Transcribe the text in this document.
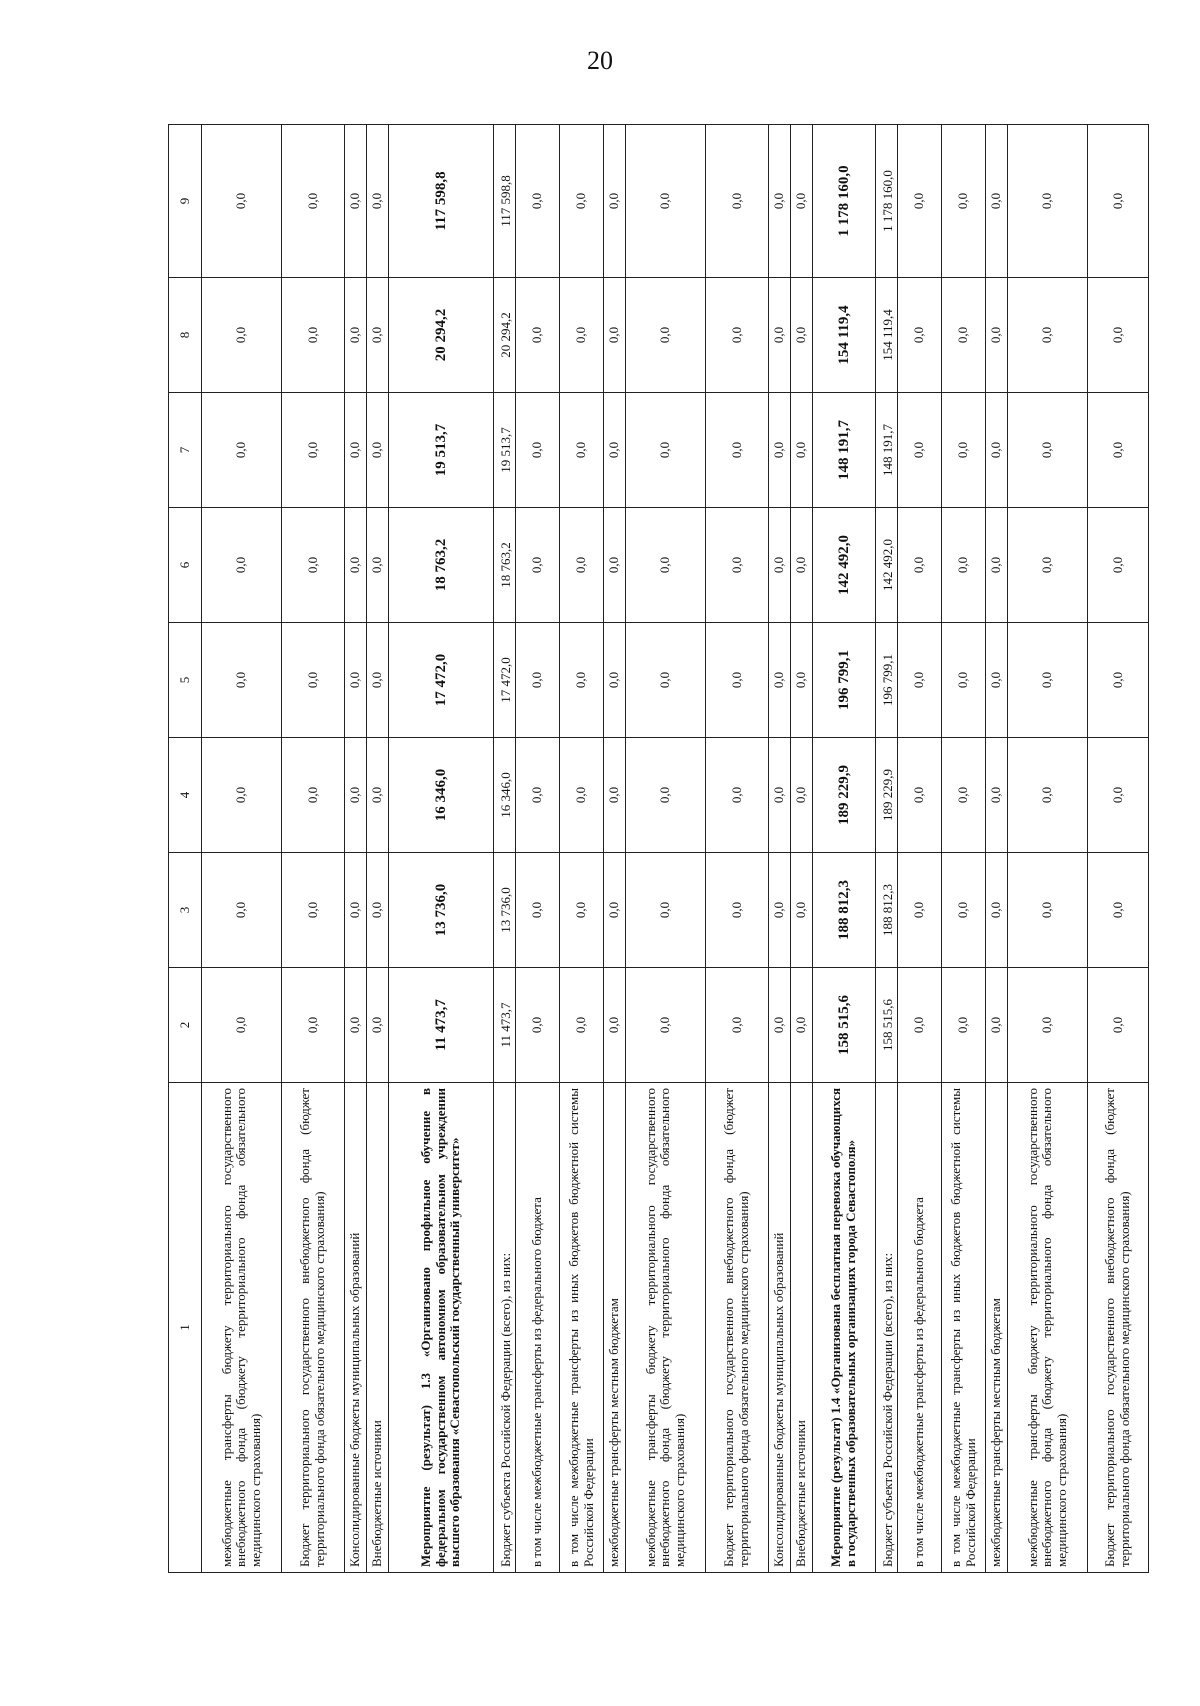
20
1	2	3	4	5	6	7	8	9
межбюджетные трансферты бюджету территориального государственного внебюджетного фонда (бюджету территориального фонда обязательного медицинского страхования)	0,0	0,0	0,0	0,0	0,0	0,0	0,0	0,0
Бюджет территориального государственного внебюджетного фонда (бюджет территориального фонда обязательного медицинского страхования)	0,0	0,0	0,0	0,0	0,0	0,0	0,0	0,0
Консолидированные бюджеты муниципальных образований	0,0	0,0	0,0	0,0	0,0	0,0	0,0	0,0
Внебюджетные источники	0,0	0,0	0,0	0,0	0,0	0,0	0,0	0,0
Мероприятие (результат) 1.3 «Организовано профильное обучение в федеральном государственном автономном образовательном учреждении высшего образования «Севастопольский государственный университет»	11 473,7	13 736,0	16 346,0	17 472,0	18 763,2	19 513,7	20 294,2	117 598,8
Бюджет субъекта Российской Федерации (всего), из них:	11 473,7	13 736,0	16 346,0	17 472,0	18 763,2	19 513,7	20 294,2	117 598,8
в том числе межбюджетные трансферты из федерального бюджета	0,0	0,0	0,0	0,0	0,0	0,0	0,0	0,0
в том числе межбюджетные трансферты из иных бюджетов бюджетной системы Российской Федерации	0,0	0,0	0,0	0,0	0,0	0,0	0,0	0,0
межбюджетные трансферты местным бюджетам	0,0	0,0	0,0	0,0	0,0	0,0	0,0	0,0
межбюджетные трансферты бюджету территориального государственного внебюджетного фонда (бюджету территориального фонда обязательного медицинского страхования)	0,0	0,0	0,0	0,0	0,0	0,0	0,0	0,0
Бюджет территориального государственного внебюджетного фонда (бюджет территориального фонда обязательного медицинского страхования)	0,0	0,0	0,0	0,0	0,0	0,0	0,0	0,0
Консолидированные бюджеты муниципальных образований	0,0	0,0	0,0	0,0	0,0	0,0	0,0	0,0
Внебюджетные источники	0,0	0,0	0,0	0,0	0,0	0,0	0,0	0,0
Мероприятие (результат) 1.4 «Организована бесплатная перевозка обучающихся в государственных образовательных организациях города Севастополя»	158 515,6	188 812,3	189 229,9	196 799,1	142 492,0	148 191,7	154 119,4	1 178 160,0
Бюджет субъекта Российской Федерации (всего), из них:	158 515,6	188 812,3	189 229,9	196 799,1	142 492,0	148 191,7	154 119,4	1 178 160,0
в том числе межбюджетные трансферты из федерального бюджета	0,0	0,0	0,0	0,0	0,0	0,0	0,0	0,0
в том числе межбюджетные трансферты из иных бюджетов бюджетной системы Российской Федерации	0,0	0,0	0,0	0,0	0,0	0,0	0,0	0,0
межбюджетные трансферты местным бюджетам	0,0	0,0	0,0	0,0	0,0	0,0	0,0	0,0
межбюджетные трансферты бюджету территориального государственного внебюджетного фонда (бюджету территориального фонда обязательного медицинского страхования)	0,0	0,0	0,0	0,0	0,0	0,0	0,0	0,0
Бюджет территориального государственного внебюджетного фонда (бюджет территориального фонда обязательного медицинского страхования)	0,0	0,0	0,0	0,0	0,0	0,0	0,0	0,0
